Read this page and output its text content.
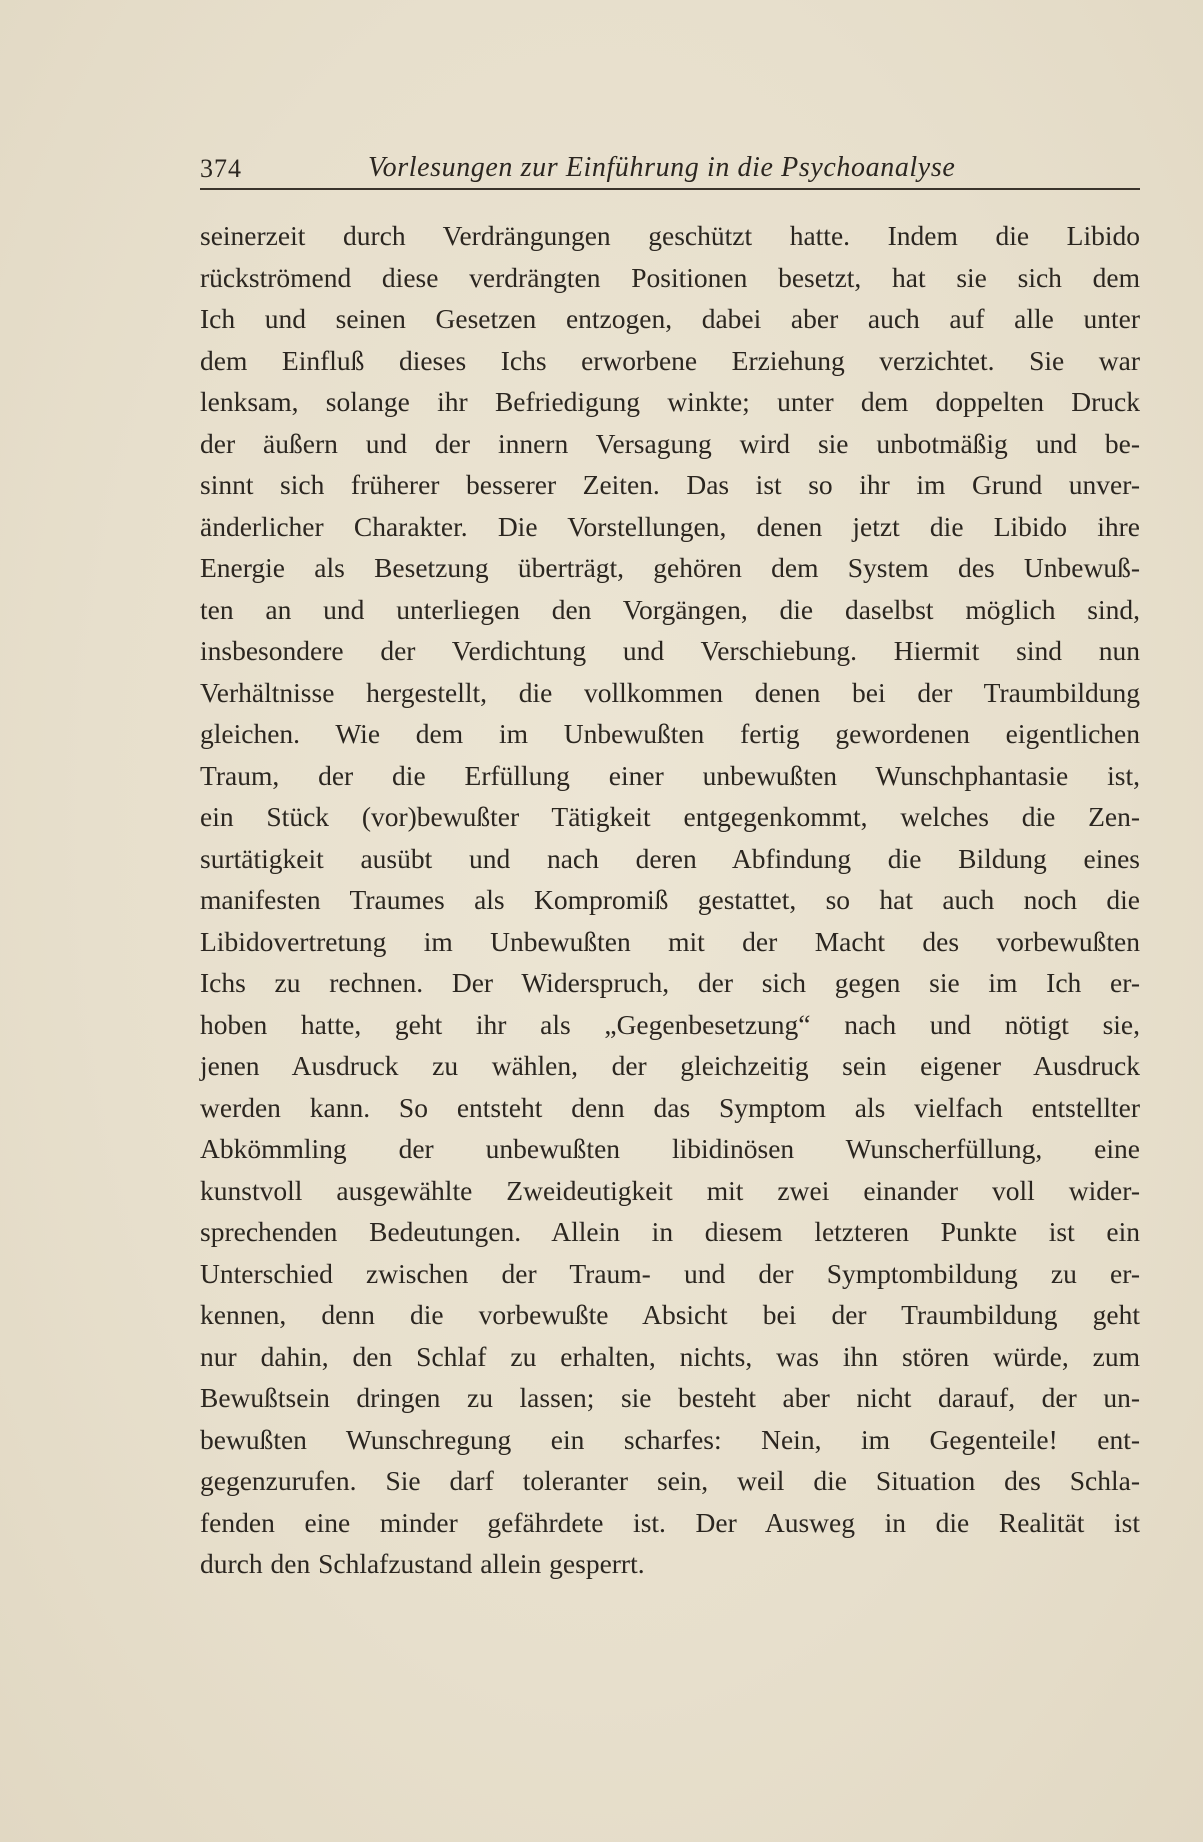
374	Vorlesungen zur Einführung in die Psychoanalyse
seinerzeit durch Verdrängungen geschützt hatte. Indem die Libido
rückströmend diese verdrängten Positionen besetzt, hat sie sich dem
Ich und seinen Gesetzen entzogen, dabei aber auch auf alle unter
dem Einfluß dieses Ichs erworbene Erziehung verzichtet. Sie war
lenksam, solange ihr Befriedigung winkte; unter dem doppelten Druck
der äußern und der innern Versagung wird sie unbotmäßig und be-
sinnt sich früherer besserer Zeiten. Das ist so ihr im Grund unver-
änderlicher Charakter. Die Vorstellungen, denen jetzt die Libido ihre
Energie als Besetzung überträgt, gehören dem System des Unbewuß-
ten an und unterliegen den Vorgängen, die daselbst möglich sind,
insbesondere der Verdichtung und Verschiebung. Hiermit sind nun
Verhältnisse hergestellt, die vollkommen denen bei der Traumbildung
gleichen. Wie dem im Unbewußten fertig gewordenen eigentlichen
Traum, der die Erfüllung einer unbewußten Wunschphantasie ist,
ein Stück (vor)bewußter Tätigkeit entgegenkommt, welches die Zen-
surtätigkeit ausübt und nach deren Abfindung die Bildung eines
manifesten Traumes als Kompromiß gestattet, so hat auch noch die
Libidovertretung im Unbewußten mit der Macht des vorbewußten
Ichs zu rechnen. Der Widerspruch, der sich gegen sie im Ich er-
hoben hatte, geht ihr als „Gegenbesetzung“ nach und nötigt sie,
jenen Ausdruck zu wählen, der gleichzeitig sein eigener Ausdruck
werden kann. So entsteht denn das Symptom als vielfach entstellter
Abkömmling der unbewußten libidinösen Wunscherfüllung, eine
kunstvoll ausgewählte Zweideutigkeit mit zwei einander voll wider-
sprechenden Bedeutungen. Allein in diesem letzteren Punkte ist ein
Unterschied zwischen der Traum- und der Symptombildung zu er-
kennen, denn die vorbewußte Absicht bei der Traumbildung geht
nur dahin, den Schlaf zu erhalten, nichts, was ihn stören würde, zum
Bewußtsein dringen zu lassen; sie besteht aber nicht darauf, der un-
bewußten Wunschregung ein scharfes: Nein, im Gegenteile! ent-
gegenzurufen. Sie darf toleranter sein, weil die Situation des Schla-
fenden eine minder gefährdete ist. Der Ausweg in die Realität ist
durch den Schlafzustand allein gesperrt.
